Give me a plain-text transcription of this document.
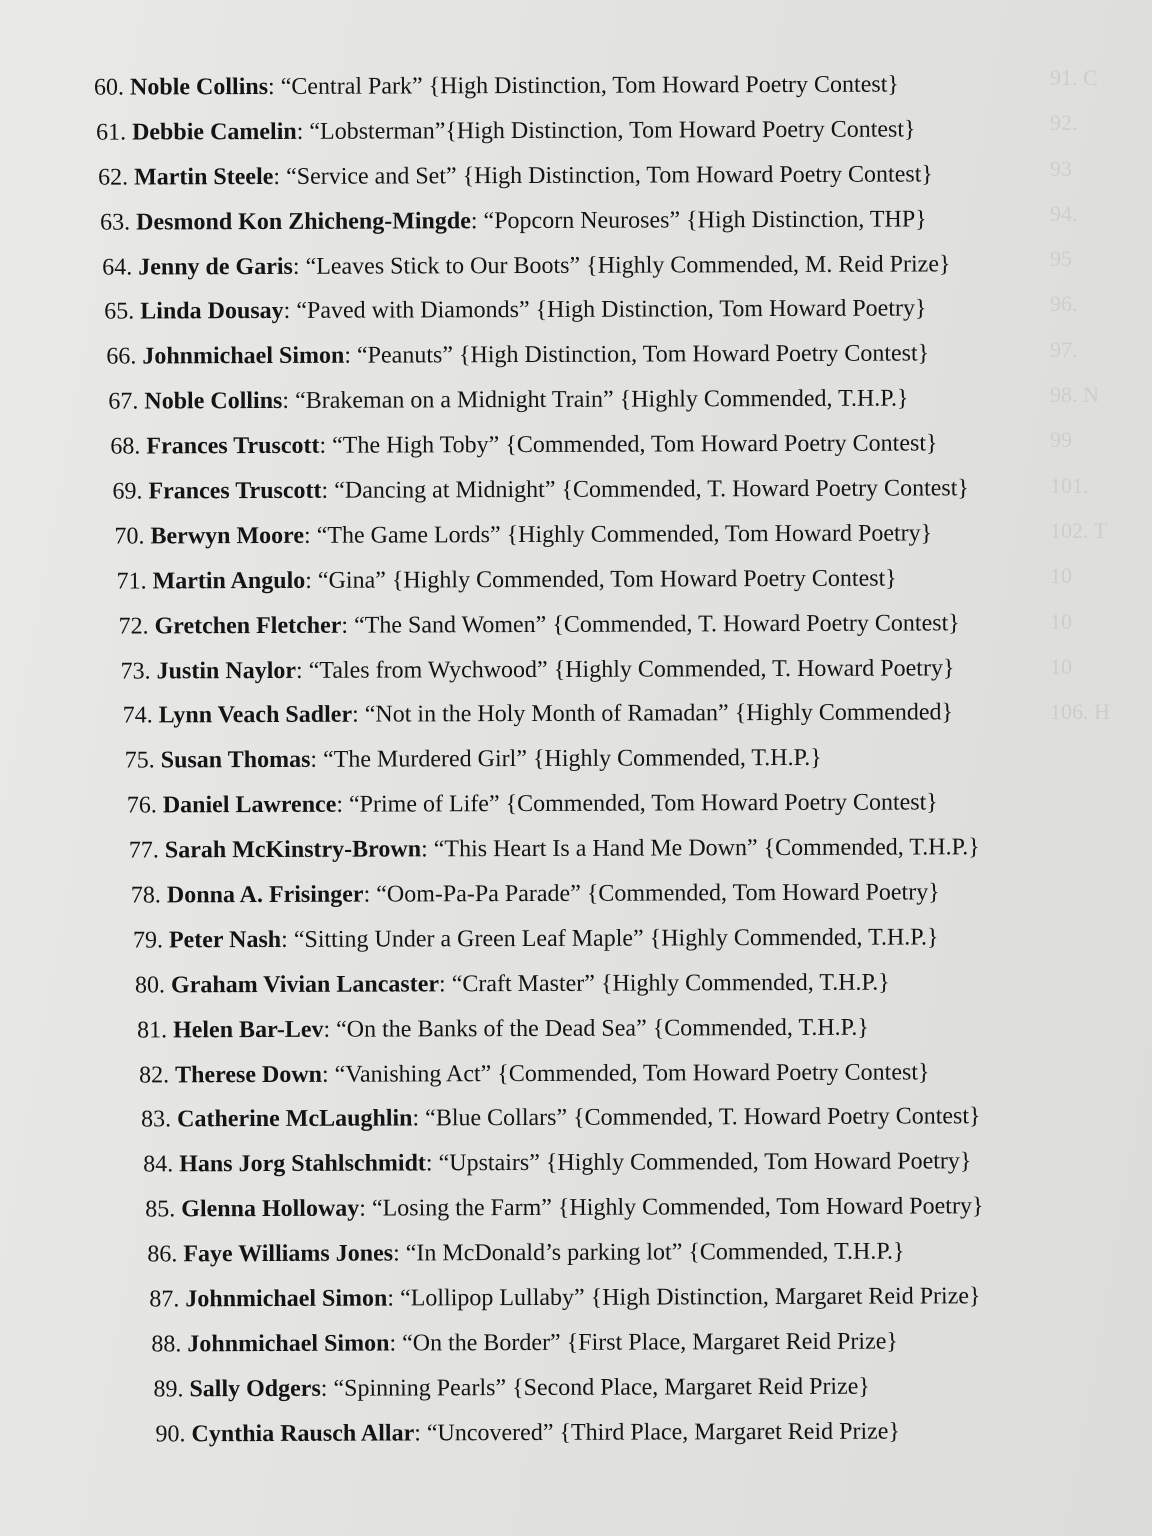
91. C
92.
93
94.
95
96.
97.
98. N
99
101.
102. T
10
10
10
106. H
60. Noble Collins: “Central Park” {High Distinction, Tom Howard Poetry Contest}
61. Debbie Camelin: “Lobsterman”{High Distinction, Tom Howard Poetry Contest}
62. Martin Steele: “Service and Set” {High Distinction, Tom Howard Poetry Contest}
63. Desmond Kon Zhicheng-Mingde: “Popcorn Neuroses” {High Distinction, THP}
64. Jenny de Garis: “Leaves Stick to Our Boots” {Highly Commended, M. Reid Prize}
65. Linda Dousay: “Paved with Diamonds” {High Distinction, Tom Howard Poetry}
66. Johnmichael Simon: “Peanuts” {High Distinction, Tom Howard Poetry Contest}
67. Noble Collins: “Brakeman on a Midnight Train” {Highly Commended, T.H.P.}
68. Frances Truscott: “The High Toby” {Commended, Tom Howard Poetry Contest}
69. Frances Truscott: “Dancing at Midnight” {Commended, T. Howard Poetry Contest}
70. Berwyn Moore: “The Game Lords” {Highly Commended, Tom Howard Poetry}
71. Martin Angulo: “Gina” {Highly Commended, Tom Howard Poetry Contest}
72. Gretchen Fletcher: “The Sand Women” {Commended, T. Howard Poetry Contest}
73. Justin Naylor: “Tales from Wychwood” {Highly Commended, T. Howard Poetry}
74. Lynn Veach Sadler: “Not in the Holy Month of Ramadan” {Highly Commended}
75. Susan Thomas: “The Murdered Girl” {Highly Commended, T.H.P.}
76. Daniel Lawrence: “Prime of Life” {Commended, Tom Howard Poetry Contest}
77. Sarah McKinstry-Brown: “This Heart Is a Hand Me Down” {Commended, T.H.P.}
78. Donna A. Frisinger: “Oom-Pa-Pa Parade” {Commended, Tom Howard Poetry}
79. Peter Nash: “Sitting Under a Green Leaf Maple” {Highly Commended, T.H.P.}
80. Graham Vivian Lancaster: “Craft Master” {Highly Commended, T.H.P.}
81. Helen Bar-Lev: “On the Banks of the Dead Sea” {Commended, T.H.P.}
82. Therese Down: “Vanishing Act” {Commended, Tom Howard Poetry Contest}
83. Catherine McLaughlin: “Blue Collars” {Commended, T. Howard Poetry Contest}
84. Hans Jorg Stahlschmidt: “Upstairs” {Highly Commended, Tom Howard Poetry}
85. Glenna Holloway: “Losing the Farm” {Highly Commended, Tom Howard Poetry}
86. Faye Williams Jones: “In McDonald’s parking lot” {Commended, T.H.P.}
87. Johnmichael Simon: “Lollipop Lullaby” {High Distinction, Margaret Reid Prize}
88. Johnmichael Simon: “On the Border” {First Place, Margaret Reid Prize}
89. Sally Odgers: “Spinning Pearls” {Second Place, Margaret Reid Prize}
90. Cynthia Rausch Allar: “Uncovered” {Third Place, Margaret Reid Prize}
